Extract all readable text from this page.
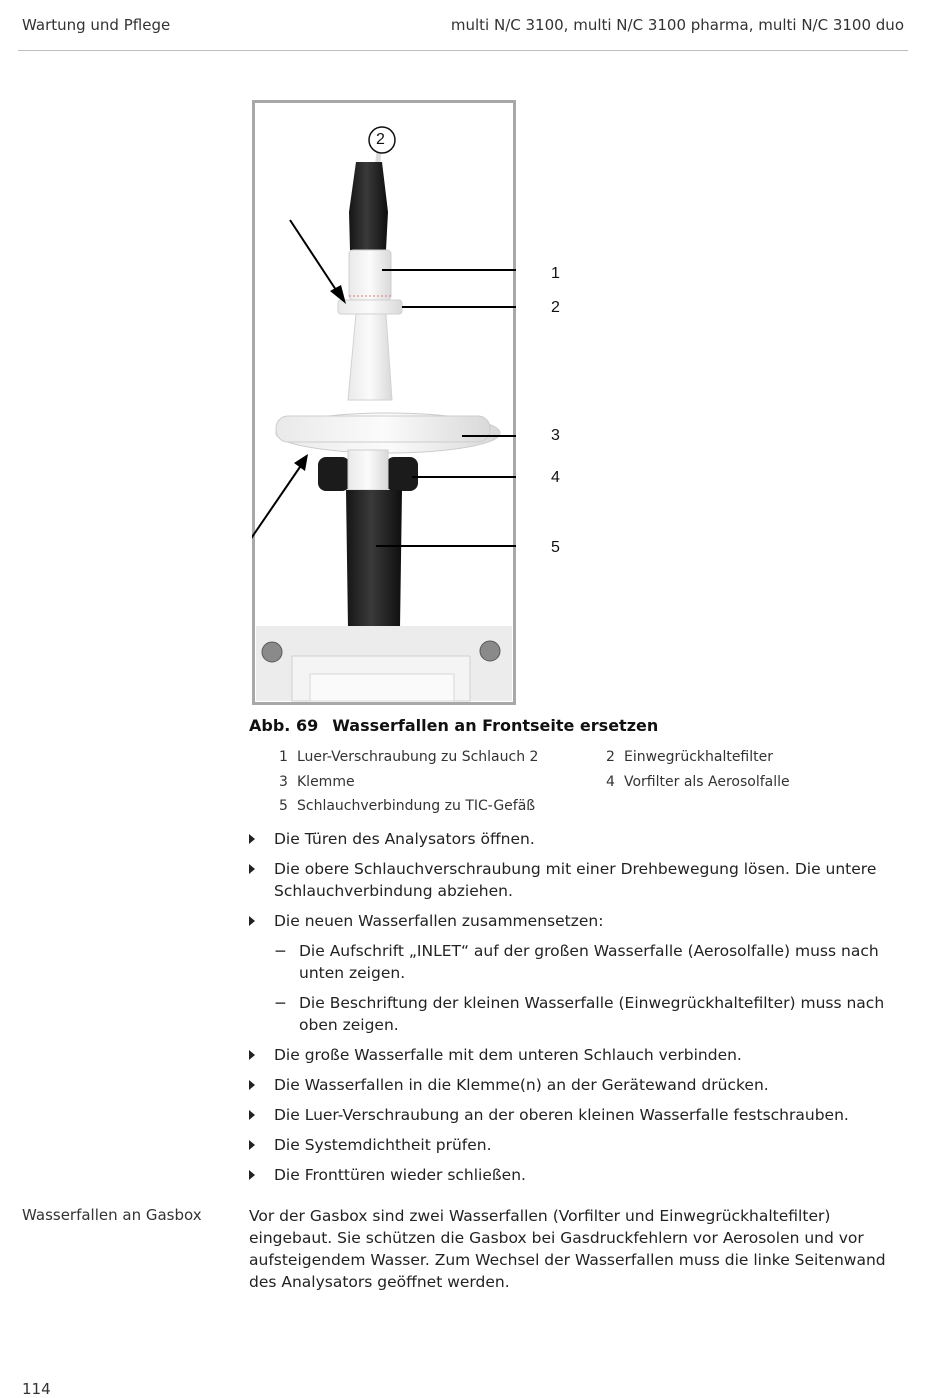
Wartung und Pflege	multi N/C 3100, multi N/C 3100 pharma, multi N/C 3100 duo
2
1
2
3
4
5
Abb. 69 Wasserfallen an Frontseite ersetzen
1 Luer-Verschraubung zu Schlauch 2	2 Einwegrückhaltefilter
3 Klemme	4 Vorfilter als Aerosolfalle
5 Schlauchverbindung zu TIC-Gefäß
Die Türen des Analysators öffnen.
Die obere Schlauchverschraubung mit einer Drehbewegung lösen. Die untere Schlauchverbindung abziehen.
Die neuen Wasserfallen zusammensetzen:
− Die Aufschrift „INLET“ auf der großen Wasserfalle (Aerosolfalle) muss nach unten zeigen.
− Die Beschriftung der kleinen Wasserfalle (Einwegrückhaltefilter) muss nach oben zeigen.
Die große Wasserfalle mit dem unteren Schlauch verbinden.
Die Wasserfallen in die Klemme(n) an der Gerätewand drücken.
Die Luer-Verschraubung an der oberen kleinen Wasserfalle festschrauben.
Die Systemdichtheit prüfen.
Die Fronttüren wieder schließen.
Wasserfallen an Gasbox	Vor der Gasbox sind zwei Wasserfallen (Vorfilter und Einwegrückhaltefilter) eingebaut. Sie schützen die Gasbox bei Gasdruckfehlern vor Aerosolen und vor aufsteigendem Wasser. Zum Wechsel der Wasserfallen muss die linke Seitenwand des Analysators geöffnet werden.
114
